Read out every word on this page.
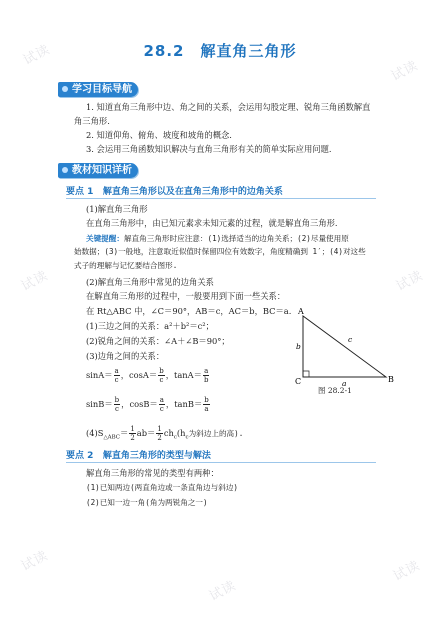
试读
试读
试读	试读
试读	试读
试读
28.2　解直角三角形
学习目标导航
1. 知道直角三角形中边、角之间的关系，会运用勾股定理、锐角三角函数解直
角三角形.
2. 知道仰角、俯角、坡度和坡角的概念.
3. 会运用三角函数知识解决与直角三角形有关的简单实际应用问题.
教材知识详析
要点 1 解直角三角形以及在直角三角形中的边角关系
(1)解直角三角形
在直角三角形中，由已知元素求未知元素的过程，就是解直角三角形.
关键提醒：解直角三角形时应注意：(1)选择适当的边角关系；(2)尽量使用原
始数据；(3)一般地，注意取近似值时保留四位有效数字，角度精确到 1′；(4)对这些
式子的理解与记忆要结合图形.
(2)解直角三角形中常见的边角关系
在解直角三角形的过程中，一般要用到下面一些关系：
在 Rt△ABC 中，∠C＝90°，AB＝c，AC＝b，BC＝a.
(1)三边之间的关系：a²＋b²＝c²；
(2)锐角之间的关系：∠A＋∠B＝90°；
(3)边角之间的关系：
$\sin A= \frac{a}{c}$ ，$\cos A= \frac{b}{c}$ ，$\tan A= \frac{a}{b}$
$\sin B= \frac{b}{c}$ ，$\cos B= \frac{a}{c}$ ，$\tan B= \frac{b}{a}$
$(4)S_{\triangle ABC}= \frac{1}{2} ab= \frac{1}{2} ch_c(h_c$为斜边上的高).
A
B
C	a
b
c
图 28.2-1
要点 2 解直角三角形的类型与解法
解直角三角形的常见的类型有两种：
(1)已知两边(两直角边或一条直角边与斜边)
(2)已知一边一角(角为两锐角之一)
